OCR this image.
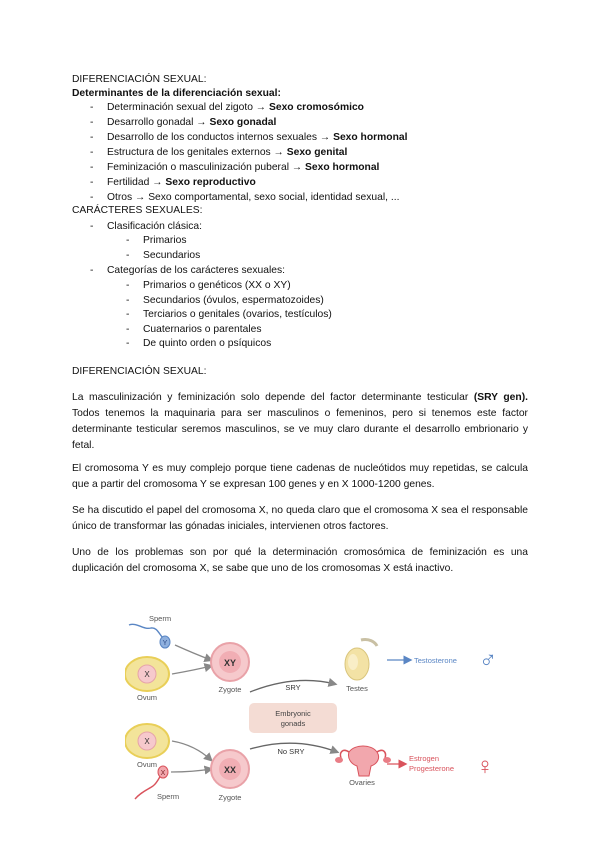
DIFERENCIACIÓN SEXUAL:
Determinantes de la diferenciación sexual:
- Determinación sexual del zigoto → Sexo cromosómico
- Desarrollo gonadal → Sexo gonadal
- Desarrollo de los conductos internos sexuales → Sexo hormonal
- Estructura de los genitales externos → Sexo genital
- Feminización o masculinización puberal → Sexo hormonal
- Fertilidad → Sexo reproductivo
- Otros → Sexo comportamental, sexo social, identidad sexual, ...
CARÁCTERES SEXUALES:
- Clasificación clásica:
- Primarios
- Secundarios
- Categorías de los carácteres sexuales:
- Primarios o genéticos (XX o XY)
- Secundarios (óvulos, espermatozoides)
- Terciarios o genitales (ovarios, testículos)
- Cuaternarios o parentales
- De quinto orden o psíquicos
DIFERENCIACIÓN SEXUAL:
La masculinización y feminización solo depende del factor determinante testicular (SRY gen). Todos tenemos la maquinaria para ser masculinos o femeninos, pero si tenemos este factor determinante testicular seremos masculinos, se ve muy claro durante el desarrollo embrionario y fetal.
El cromosoma Y es muy complejo porque tiene cadenas de nucleótidos muy repetidas, se calcula que a partir del cromosoma Y se expresan 100 genes y en X 1000-1200 genes.
Se ha discutido el papel del cromosoma X, no queda claro que el cromosoma X sea el responsable único de transformar las gónadas iniciales, intervienen otros factores.
Uno de los problemas son por qué la determinación cromosómica de feminización es una duplicación del cromosoma X, se sabe que uno de los cromosomas X está inactivo.
Y
Sperm
X
Ovum
XY
Zygote	SRY	Testes
Testosterone ♂
Embryonic
gonads
X
Ovum
X
Sperm
XX
Zygote
No SRY
Ovaries
Estrogen
Progesterone ♀
